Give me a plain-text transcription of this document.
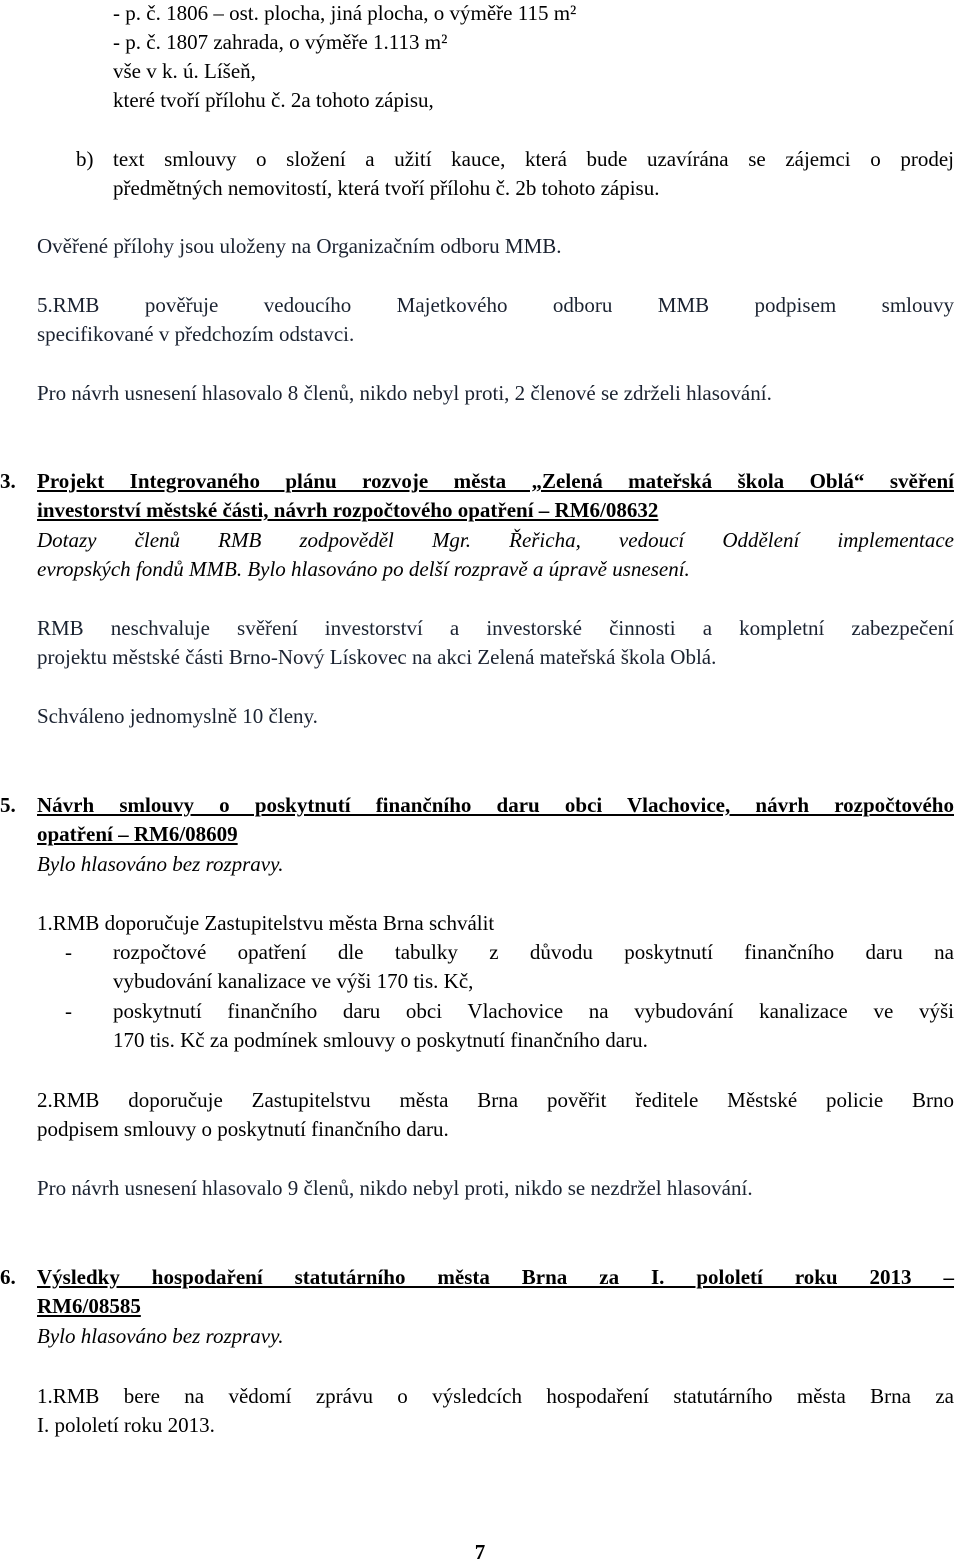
- p. č. 1806 – ost. plocha, jiná plocha, o výměře 115 m²
- p. č. 1807 zahrada, o výměře 1.113 m²
vše v k. ú. Líšeň,
které tvoří přílohu č. 2a tohoto zápisu,
b) text smlouvy o složení a užití kauce, která bude uzavírána se zájemci o prodej
předmětných nemovitostí, která tvoří přílohu č. 2b tohoto zápisu.
Ověřené přílohy jsou uloženy na Organizačním odboru MMB.
5.RMB pověřuje vedoucího Majetkového odboru MMB podpisem smlouvy
specifikované v předchozím odstavci.
Pro návrh usnesení hlasovalo 8 členů, nikdo nebyl proti, 2 členové se zdrželi hlasování.
3. Projekt Integrovaného plánu rozvoje města „Zelená mateřská škola Oblá“ svěření
investorství městské části, návrh rozpočtového opatření – RM6/08632
Dotazy členů RMB zodpověděl Mgr. Řeřicha, vedoucí Oddělení implementace
evropských fondů MMB. Bylo hlasováno po delší rozpravě a úpravě usnesení.
RMB neschvaluje svěření investorství a investorské činnosti a kompletní zabezpečení
projektu městské části Brno-Nový Lískovec na akci Zelená mateřská škola Oblá.
Schváleno jednomyslně 10 členy.
5. Návrh smlouvy o poskytnutí finančního daru obci Vlachovice, návrh rozpočtového
opatření – RM6/08609
Bylo hlasováno bez rozpravy.
1.RMB doporučuje Zastupitelstvu města Brna schválit
- rozpočtové opatření dle tabulky z důvodu poskytnutí finančního daru na
vybudování kanalizace ve výši 170 tis. Kč,
- poskytnutí finančního daru obci Vlachovice na vybudování kanalizace ve výši
170 tis. Kč za podmínek smlouvy o poskytnutí finančního daru.
2.RMB doporučuje Zastupitelstvu města Brna pověřit ředitele Městské policie Brno
podpisem smlouvy o poskytnutí finančního daru.
Pro návrh usnesení hlasovalo 9 členů, nikdo nebyl proti, nikdo se nezdržel hlasování.
6. Výsledky hospodaření statutárního města Brna za I. pololetí roku 2013 –
RM6/08585
Bylo hlasováno bez rozpravy.
1.RMB bere na vědomí zprávu o výsledcích hospodaření statutárního města Brna za
I. pololetí roku 2013.
7
